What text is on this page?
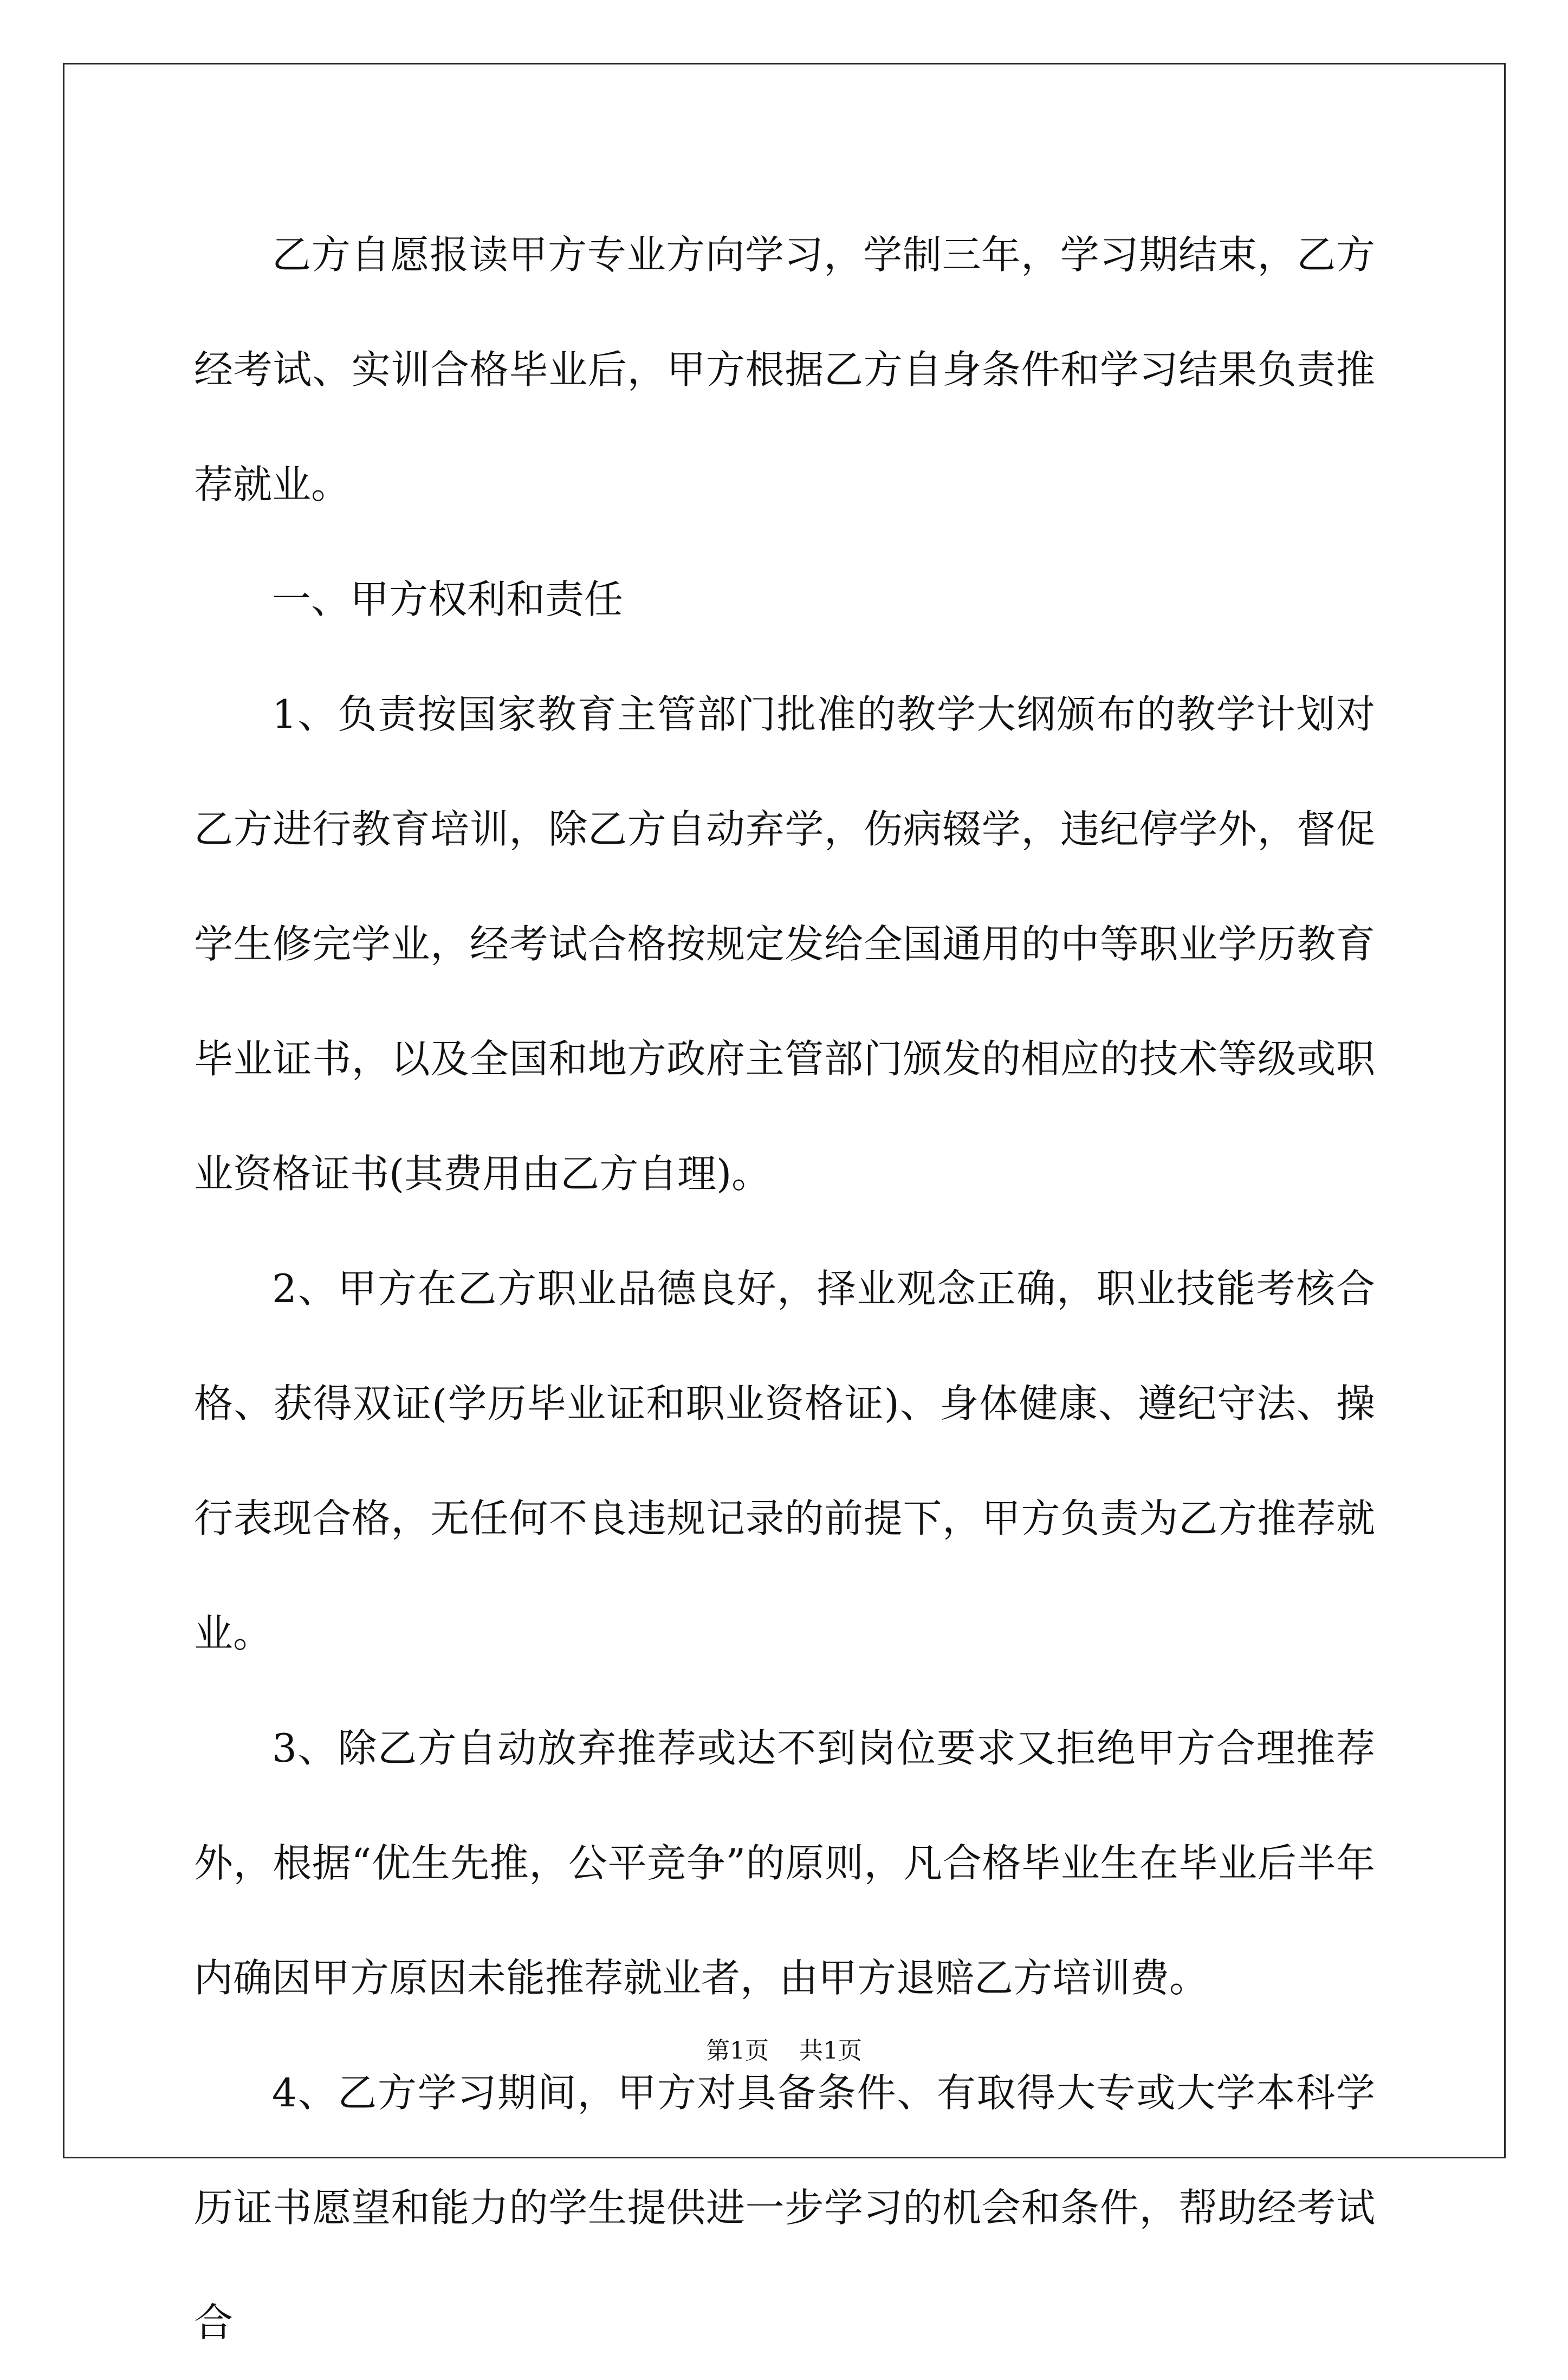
乙方自愿报读甲方专业方向学习，学制三年，学习期结束，乙方经考试、实训合格毕业后，甲方根据乙方自身条件和学习结果负责推荐就业。

一、甲方权利和责任

1、负责按国家教育主管部门批准的教学大纲颁布的教学计划对乙方进行教育培训，除乙方自动弃学，伤病辍学，违纪停学外，督促学生修完学业，经考试合格按规定发给全国通用的中等职业学历教育毕业证书，以及全国和地方政府主管部门颁发的相应的技术等级或职业资格证书(其费用由乙方自理)。

2、甲方在乙方职业品德良好，择业观念正确，职业技能考核合格、获得双证(学历毕业证和职业资格证)、身体健康、遵纪守法、操行表现合格，无任何不良违规记录的前提下，甲方负责为乙方推荐就业。

3、除乙方自动放弃推荐或达不到岗位要求又拒绝甲方合理推荐外，根据“优生先推，公平竞争”的原则，凡合格毕业生在毕业后半年内确因甲方原因未能推荐就业者，由甲方退赔乙方培训费。

4、乙方学习期间，甲方对具备条件、有取得大专或大学本科学历证书愿望和能力的学生提供进一步学习的机会和条件，帮助经考试合

第1页 共1页
